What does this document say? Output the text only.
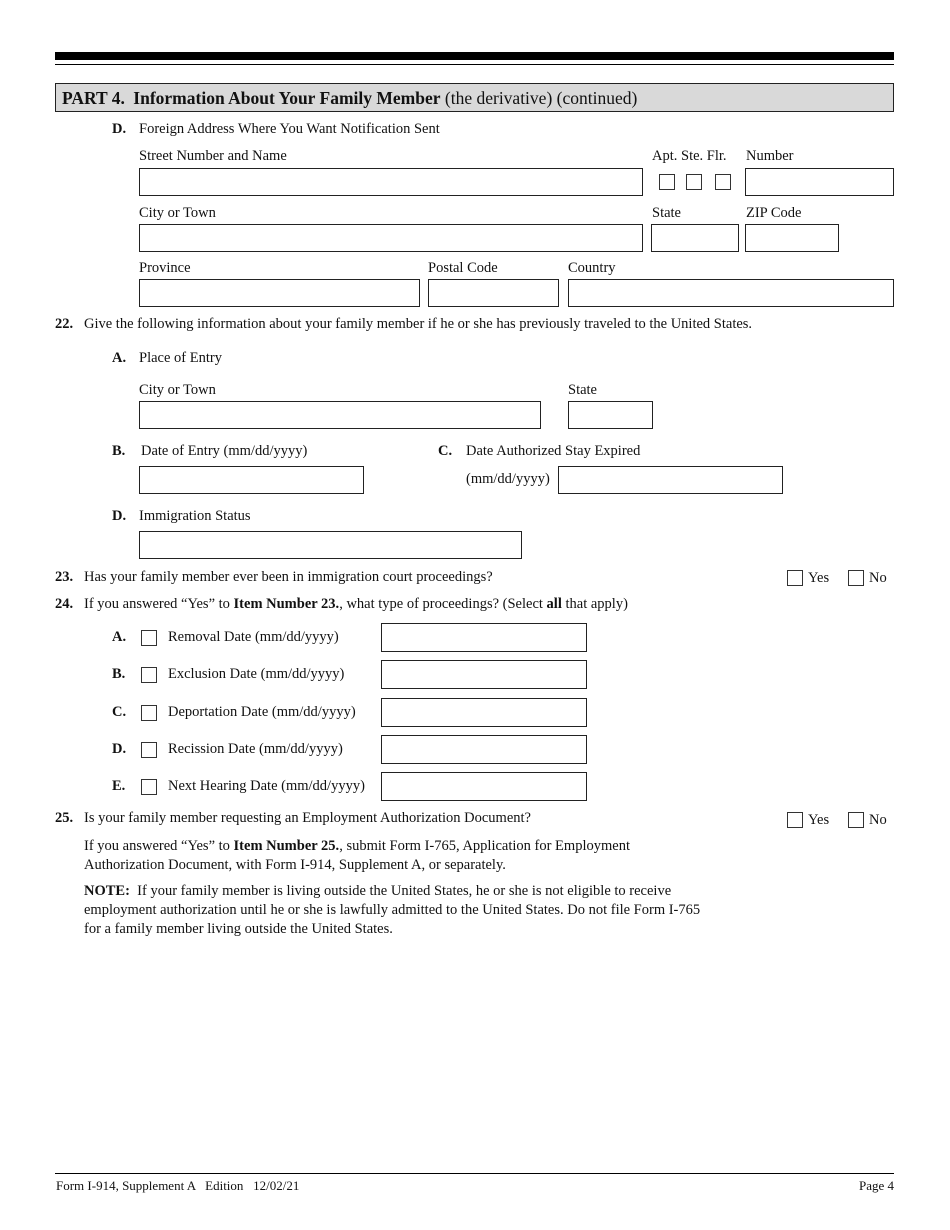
PART 4. Information About Your Family Member (the derivative) (continued)
D. Foreign Address Where You Want Notification Sent
Street Number and Name	Apt. Ste. Flr. Number
City or Town	State	ZIP Code
Province	Postal Code	Country
22. Give the following information about your family member if he or she has previously traveled to the United States.
A. Place of Entry
City or Town	State
B. Date of Entry (mm/dd/yyyy)	C. Date Authorized Stay Expired
(mm/dd/yyyy)
D. Immigration Status
23. Has your family member ever been in immigration court proceedings?	Yes	No
24. If you answered “Yes” to Item Number 23., what type of proceedings? (Select all that apply)
A.	Removal Date (mm/dd/yyyy)
B.	Exclusion Date (mm/dd/yyyy)
C.	Deportation Date (mm/dd/yyyy)
D.	Recission Date (mm/dd/yyyy)
E.	Next Hearing Date (mm/dd/yyyy)
25. Is your family member requesting an Employment Authorization Document?	Yes	No
If you answered “Yes” to Item Number 25., submit Form I-765, Application for Employment
Authorization Document, with Form I-914, Supplement A, or separately.
NOTE:  If your family member is living outside the United States, he or she is not eligible to receive
employment authorization until he or she is lawfully admitted to the United States. Do not file Form I-765
for a family member living outside the United States.
Form I-914, Supplement A   Edition   12/02/21	Page 4
